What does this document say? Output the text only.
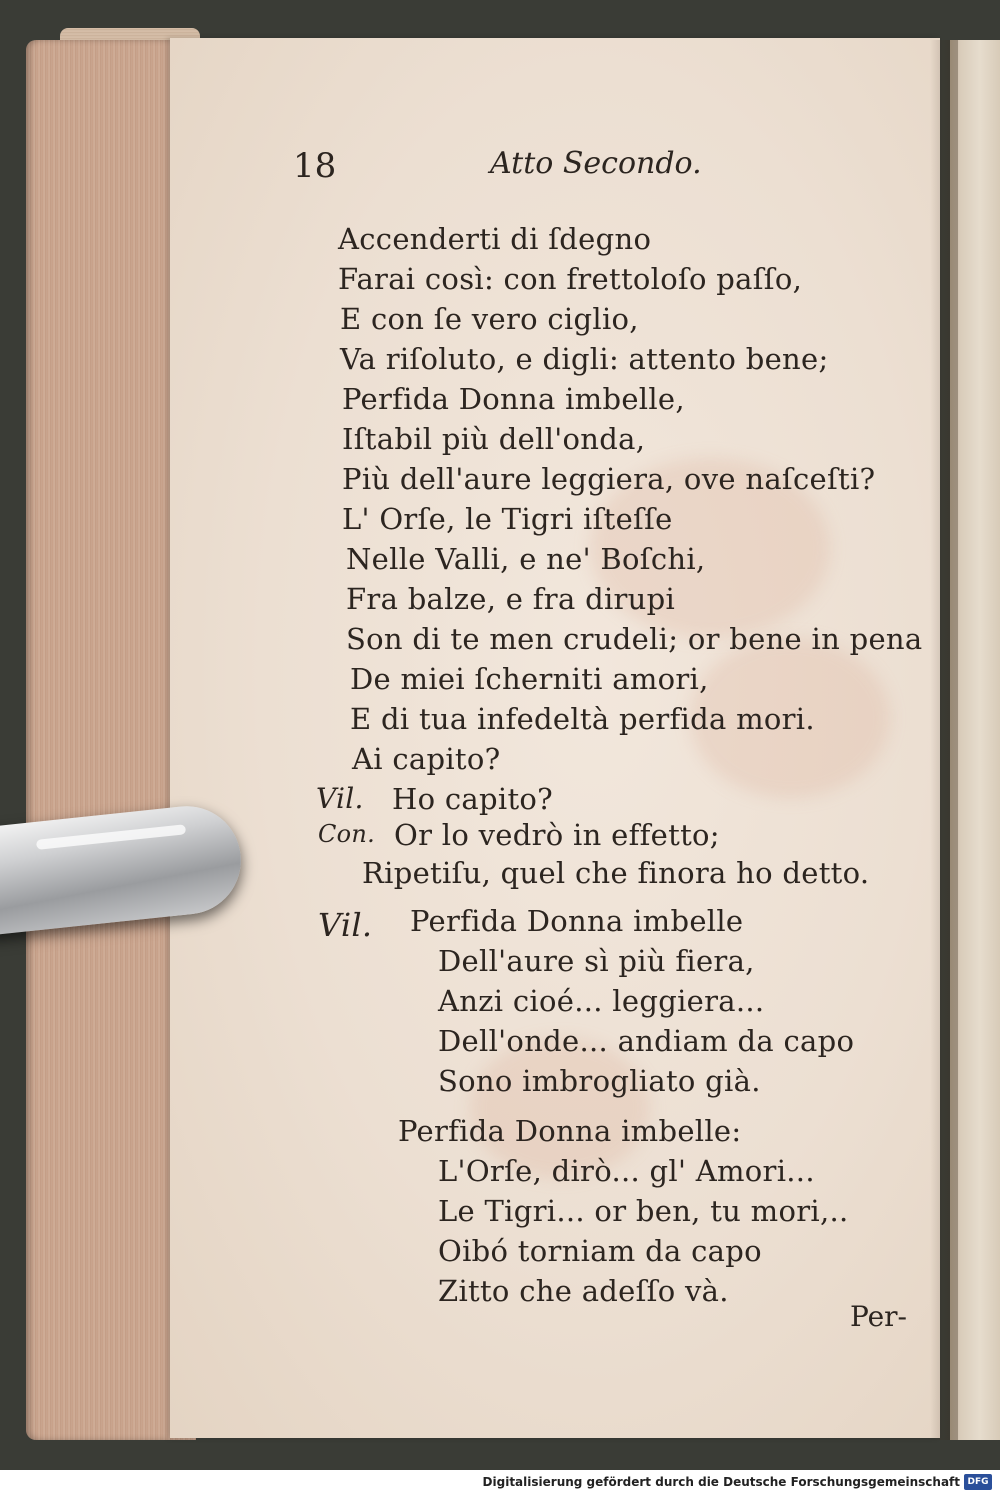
18	Atto Secondo.
Accenderti di ſdegno
Farai così: con frettoloſo paſſo,
E con ſe vero ciglio,
Va riſoluto, e digli: attento bene;
Perfida Donna imbelle,
Iſtabil più dell'onda,
Più dell'aure leggiera, ove naſceſti?
L' Orſe, le Tigri iſteſſe
Nelle Valli, e ne' Boſchi,
Fra balze, e fra dirupi
Son di te men crudeli; or bene in pena
De miei ſcherniti amori,
E di tua infedeltà perfida mori.
Ai capito?
Vil. Ho capito?
Con. Or lo vedrò in effetto;
Ripetiſu, quel che finora ho detto.
Vil. Perfida Donna imbelle
Dell'aure sì più fiera,
Anzi cioé... leggiera...
Dell'onde... andiam da capo
Sono imbrogliato già.
Perfida Donna imbelle:
L'Orſe, dirò... gl' Amori...
Le Tigri... or ben, tu mori,..
Oibó torniam da capo
Zitto che adeſſo và.
Per-
Digitalisierung gefördert durch die Deutsche Forschungsgemeinschaft DFG
